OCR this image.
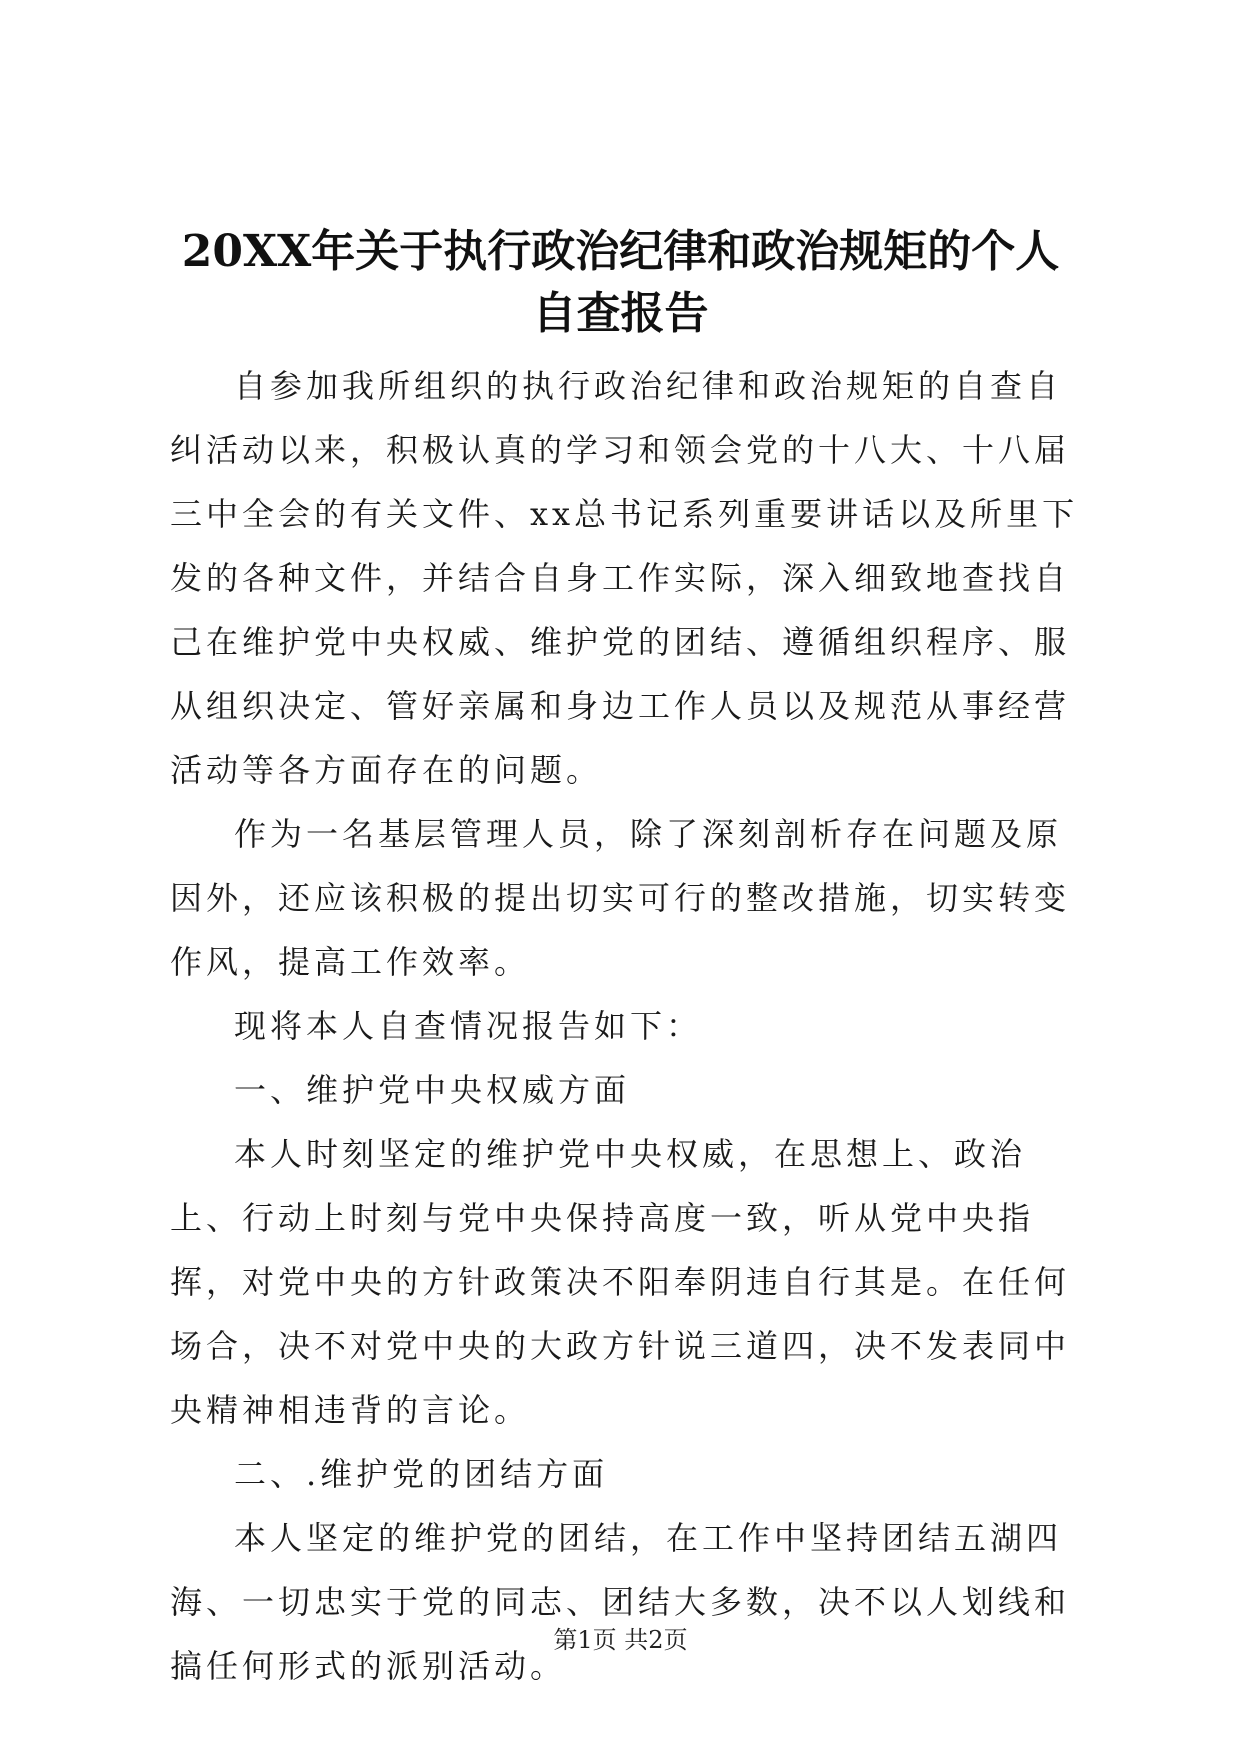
20XX年关于执行政治纪律和政治规矩的个人
自查报告

自参加我所组织的执行政治纪律和政治规矩的自查自纠活动以来，积极认真的学习和领会党的十八大、十八届三中全会的有关文件、xx总书记系列重要讲话以及所里下发的各种文件，并结合自身工作实际，深入细致地查找自己在维护党中央权威、维护党的团结、遵循组织程序、服从组织决定、管好亲属和身边工作人员以及规范从事经营活动等各方面存在的问题。

作为一名基层管理人员，除了深刻剖析存在问题及原因外，还应该积极的提出切实可行的整改措施，切实转变作风，提高工作效率。

现将本人自查情况报告如下：

一、维护党中央权威方面

本人时刻坚定的维护党中央权威，在思想上、政治上、行动上时刻与党中央保持高度一致，听从党中央指挥，对党中央的方针政策决不阳奉阴违自行其是。在任何场合，决不对党中央的大政方针说三道四，决不发表同中央精神相违背的言论。

二、.维护党的团结方面

本人坚定的维护党的团结，在工作中坚持团结五湖四海、一切忠实于党的同志、团结大多数，决不以人划线和搞任何形式的派别活动。

第1页 共2页
